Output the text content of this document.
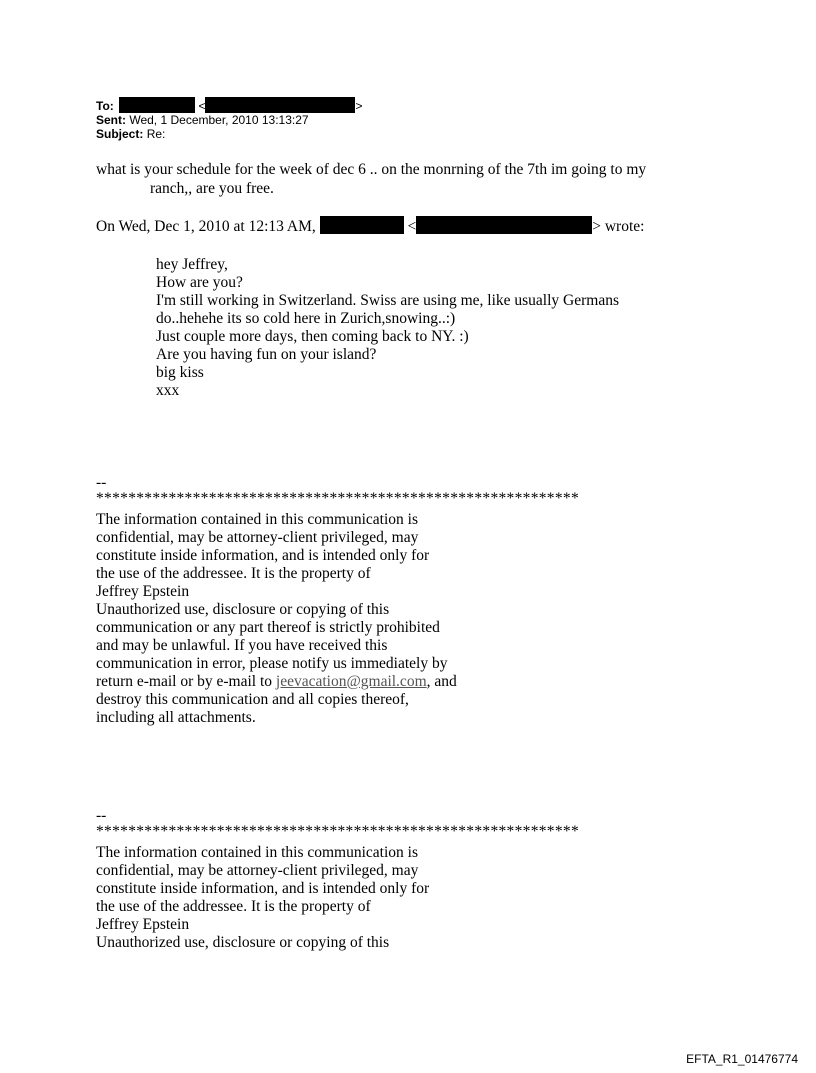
To:	<	>
Sent: Wed, 1 December, 2010 13:13:27
Subject: Re:
what is your schedule for the week of dec 6 .. on the monrning of the 7th im going to my
ranch,, are you free.
On Wed, Dec 1, 2010 at 12:13 AM,	<	> wrote:
hey Jeffrey,
How are you?
I'm still working in Switzerland. Swiss are using me, like usually Germans
do..hehehe its so cold here in Zurich,snowing..:)
Just couple more days, then coming back to NY. :)
Are you having fun on your island?
big kiss
xxx
--
************************************************************
The information contained in this communication is
confidential, may be attorney-client privileged, may
constitute inside information, and is intended only for
the use of the addressee. It is the property of
Jeffrey Epstein
Unauthorized use, disclosure or copying of this
communication or any part thereof is strictly prohibited
and may be unlawful. If you have received this
communication in error, please notify us immediately by
return e-mail or by e-mail to jeevacation@gmail.com, and
destroy this communication and all copies thereof,
including all attachments.
--
************************************************************
The information contained in this communication is
confidential, may be attorney-client privileged, may
constitute inside information, and is intended only for
the use of the addressee. It is the property of
Jeffrey Epstein
Unauthorized use, disclosure or copying of this
EFTA_R1_01476774
